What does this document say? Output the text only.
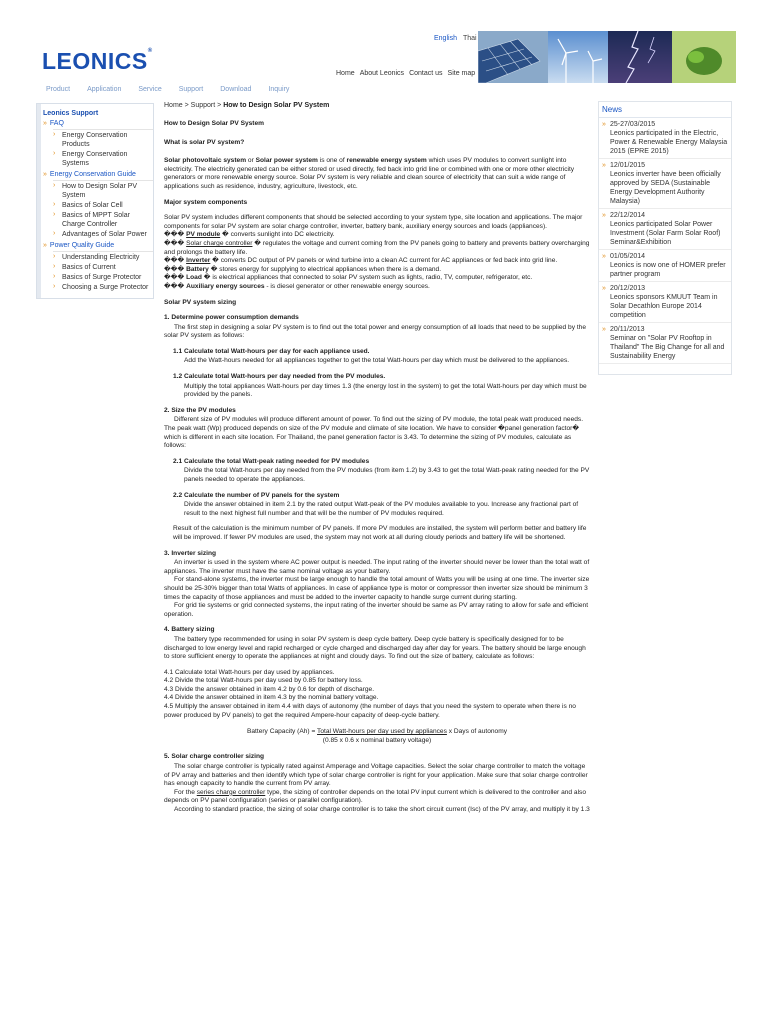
LEONICS®
English Thai
Home About Leonics Contact us Site map
Product Application Service Support Download Inquiry
Leonics Support
» FAQ
› Energy Conservation Products
› Energy Conservation Systems
» Energy Conservation Guide
› How to Design Solar PV System
› Basics of Solar Cell
› Basics of MPPT Solar Charge Controller
› Advantages of Solar Power
» Power Quality Guide
› Understanding Electricity
› Basics of Current
› Basics of Surge Protector
› Choosing a Surge Protector
Home > Support > How to Design Solar PV System

How to Design Solar PV System

What is solar PV system?

Solar photovoltaic system or Solar power system is one of renewable energy system which uses PV modules to convert sunlight into electricity. The electricity generated can be either stored or used directly, fed back into grid line or combined with one or more other electricity generators or more renewable energy source. Solar PV system is very reliable and clean source of electricity that can suit a wide range of applications such as residence, industry, agriculture, livestock, etc.

Major system components

Solar PV system includes different components that should be selected according to your system type, site location and applications. The major components for solar PV system are solar charge controller, inverter, battery bank, auxiliary energy sources and loads (appliances).
��� PV module � converts sunlight into DC electricity.
��� Solar charge controller � regulates the voltage and current coming from the PV panels going to battery and prevents battery overcharging and prolongs the battery life.
��� Inverter � converts DC output of PV panels or wind turbine into a clean AC current for AC appliances or fed back into grid line.
��� Battery � stores energy for supplying to electrical appliances when there is a demand.
��� Load � is electrical appliances that connected to solar PV system such as lights, radio, TV, computer, refrigerator, etc.
��� Auxiliary energy sources - is diesel generator or other renewable energy sources.

Solar PV system sizing

1. Determine power consumption demands

The first step in designing a solar PV system is to find out the total power and energy consumption of all loads that need to be supplied by the solar PV system as follows:

1.1 Calculate total Watt-hours per day for each appliance used.

Add the Watt-hours needed for all appliances together to get the total Watt-hours per day which must be delivered to the appliances.

1.2 Calculate total Watt-hours per day needed from the PV modules.

Multiply the total appliances Watt-hours per day times 1.3 (the energy lost in the system) to get the total Watt-hours per day which must be provided by the panels.

2. Size the PV modules

Different size of PV modules will produce different amount of power. To find out the sizing of PV module, the total peak watt produced needs. The peak watt (Wp) produced depends on size of the PV module and climate of site location. We have to consider �panel generation factor� which is different in each site location. For Thailand, the panel generation factor is 3.43. To determine the sizing of PV modules, calculate as follows:

2.1 Calculate the total Watt-peak rating needed for PV modules

Divide the total Watt-hours per day needed from the PV modules (from item 1.2) by 3.43 to get the total Watt-peak rating needed for the PV panels needed to operate the appliances.

2.2 Calculate the number of PV panels for the system

Divide the answer obtained in item 2.1 by the rated output Watt-peak of the PV modules available to you. Increase any fractional part of result to the next highest full number and that will be the number of PV modules required.

Result of the calculation is the minimum number of PV panels. If more PV modules are installed, the system will perform better and battery life will be improved. If fewer PV modules are used, the system may not work at all during cloudy periods and battery life will be shortened.

3. Inverter sizing
An inverter is used in the system where AC power output is needed. The input rating of the inverter should never be lower than the total watt of appliances. The inverter must have the same nominal voltage as your battery.
For stand-alone systems, the inverter must be large enough to handle the total amount of Watts you will be using at one time. The inverter size should be 25-30% bigger than total Watts of appliances. In case of appliance type is motor or compressor then inverter size should be minimum 3 times the capacity of those appliances and must be added to the inverter capacity to handle surge current during starting.

For grid tie systems or grid connected systems, the input rating of the inverter should be same as PV array rating to allow for safe and efficient operation.

4. Battery sizing

The battery type recommended for using in solar PV system is deep cycle battery. Deep cycle battery is specifically designed for to be discharged to low energy level and rapid recharged or cycle charged and discharged day after day for years. The battery should be large enough to store sufficient energy to operate the appliances at night and cloudy days. To find out the size of battery, calculate as follows:

4.1 Calculate total Watt-hours per day used by appliances.
4.2 Divide the total Watt-hours per day used by 0.85 for battery loss.
4.3 Divide the answer obtained in item 4.2 by 0.6 for depth of discharge.
4.4 Divide the answer obtained in item 4.3 by the nominal battery voltage.
4.5 Multiply the answer obtained in item 4.4 with days of autonomy (the number of days that you need the system to operate when there is no power produced by PV panels) to get the required Ampere-hour capacity of deep-cycle battery.
Battery Capacity (Ah) = Total Watt-hours per day used by appliances x Days of autonomy
(0.85 x 0.6 x nominal battery voltage)
5. Solar charge controller sizing
The solar charge controller is typically rated against Amperage and Voltage capacities. Select the solar charge controller to match the voltage of PV array and batteries and then identify which type of solar charge controller is right for your application. Make sure that solar charge controller has enough capacity to handle the current from PV array.
For the series charge controller type, the sizing of controller depends on the total PV input current which is delivered to the controller and also depends on PV panel configuration (series or parallel configuration).
According to standard practice, the sizing of solar charge controller is to take the short circuit current (Isc) of the PV array, and multiply it by 1.3
News
» 25-27/03/2015
Leonics participated in the Electric, Power & Renewable Energy Malaysia 2015 (EPRE 2015)
» 12/01/2015
Leonics inverter have been officially approved by SEDA (Sustainable Energy Development Authority Malaysia)
» 22/12/2014
Leonics participated Solar Power Investment (Solar Farm Solar Roof) Seminar&Exhibition
» 01/05/2014
Leonics is now one of HOMER prefer partner program
» 20/12/2013
Leonics sponsors KMUUT Team in Solar Decathlon Europe 2014 competition
» 20/11/2013
Seminar on "Solar PV Rooftop in Thailand" The Big Change for all and Sustainability Energy
